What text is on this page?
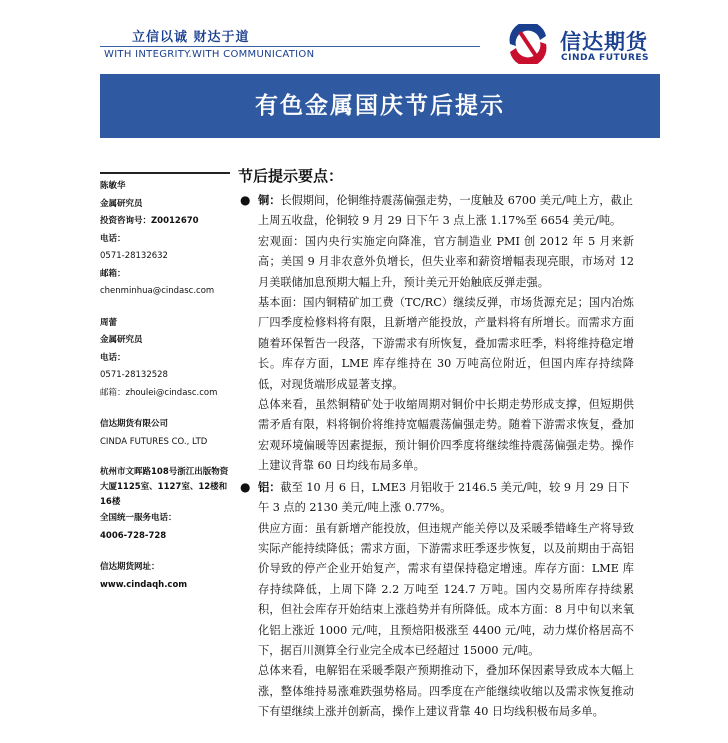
立信以诚 财达于道
WITH INTEGRITY.WITH COMMUNICATION
信达期货
CINDA FUTURES
有色金属国庆节后提示
陈敏华
金属研究员
投资咨询号：Z0012670
电话：
0571-28132632
邮箱：
chenminhua@cindasc.com
周蕾
金属研究员
电话：
0571-28132528
邮箱：zhoulei@cindasc.com
信达期货有限公司
CINDA FUTURES CO., LTD
杭州市文晖路108号浙江出版物资大厦1125室、1127室、12楼和16楼
全国统一服务电话：
4006-728-728
信达期货网址：
www.cindaqh.com
节后提示要点：
● 铜：长假期间，伦铜维持震荡偏强走势，一度触及 6700 美元/吨上方，截止上周五收盘，伦铜较 9 月 29 日下午 3 点上涨 1.17%至 6654 美元/吨。
宏观面：国内央行实施定向降准，官方制造业 PMI 创 2012 年 5 月来新高；美国 9 月非农意外负增长，但失业率和薪资增幅表现亮眼，市场对 12 月美联储加息预期大幅上升，预计美元开始触底反弹走强。
基本面：国内铜精矿加工费（TC/RC）继续反弹，市场货源充足；国内冶炼厂四季度检修料将有限，且新增产能投放，产量料将有所增长。而需求方面随着环保暂告一段落，下游需求有所恢复，叠加需求旺季，料将维持稳定增长。库存方面，LME 库存维持在 30 万吨高位附近，但国内库存持续降低，对现货端形成显著支撑。
总体来看，虽然铜精矿处于收缩周期对铜价中长期走势形成支撑，但短期供需矛盾有限，料将铜价将维持宽幅震荡偏强走势。随着下游需求恢复，叠加宏观环境偏暖等因素提振，预计铜价四季度将继续维持震荡偏强走势。操作上建议背靠 60 日均线布局多单。
● 铝：截至 10 月 6 日，LME3 月铝收于 2146.5 美元/吨，较 9 月 29 日下午 3 点的 2130 美元/吨上涨 0.77%。
供应方面：虽有新增产能投放，但违规产能关停以及采暖季错峰生产将导致实际产能持续降低；需求方面，下游需求旺季逐步恢复，以及前期由于高铝价导致的停产企业开始复产，需求有望保持稳定增速。库存方面：LME 库存持续降低，上周下降 2.2 万吨至 124.7 万吨。国内交易所库存持续累积，但社会库存开始结束上涨趋势并有所降低。成本方面：8 月中旬以来氧化铝上涨近 1000 元/吨，且预焙阳极涨至 4400 元/吨，动力煤价格居高不下，据百川测算全行业完全成本已经超过 15000 元/吨。
总体来看，电解铝在采暖季限产预期推动下，叠加环保因素导致成本大幅上涨，整体维持易涨难跌强势格局。四季度在产能继续收缩以及需求恢复推动下有望继续上涨并创新高，操作上建议背靠 40 日均线积极布局多单。
